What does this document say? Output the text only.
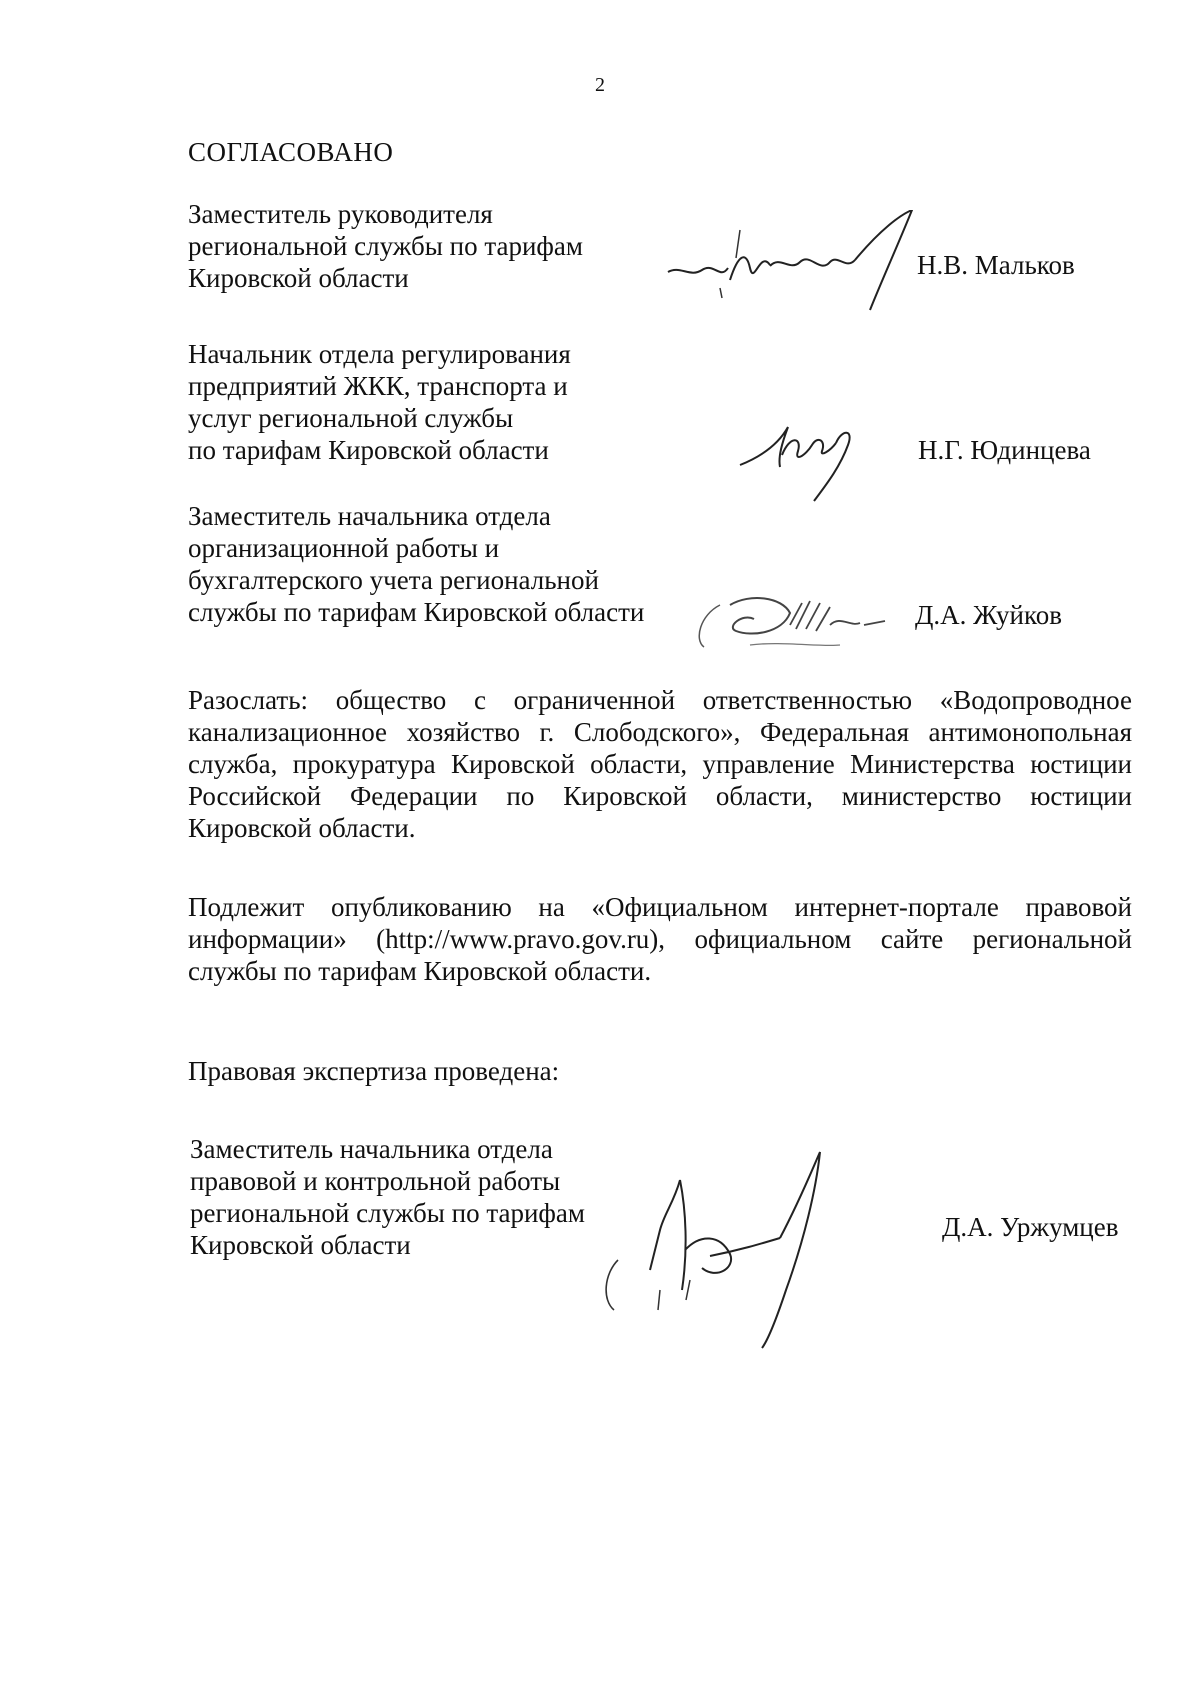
2
СОГЛАСОВАНО
Заместитель руководителя
региональной службы по тарифам
Кировской области	Н.В. Мальков
Начальник отдела регулирования
предприятий ЖКК, транспорта и
услуг региональной службы
по тарифам Кировской области	Н.Г. Юдинцева
Заместитель начальника отдела
организационной работы и
бухгалтерского учета региональной
службы по тарифам Кировской области	Д.А. Жуйков
Разослать: общество с ограниченной ответственностью «Водопроводное
канализационное хозяйство г. Слободского», Федеральная антимонопольная
служба, прокуратура Кировской области, управление Министерства юстиции
Российской Федерации по Кировской области, министерство юстиции
Кировской области.
Подлежит опубликованию на «Официальном интернет-портале правовой
информации» (http://www.pravo.gov.ru), официальном сайте региональной
службы по тарифам Кировской области.
Правовая экспертиза проведена:
Заместитель начальника отдела
правовой и контрольной работы
региональной службы по тарифам
Кировской области
Д.А. Уржумцев
